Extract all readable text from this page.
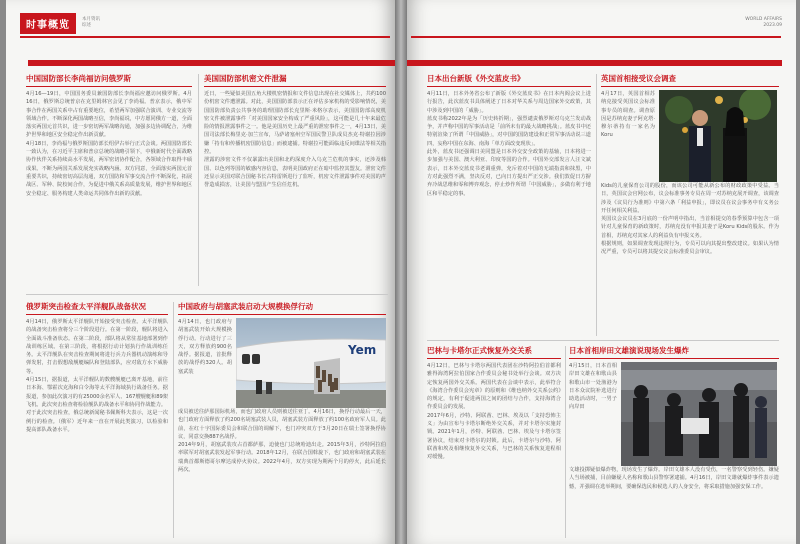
时事概览	本月资讯
综述
中国国防部长李尚福访问俄罗斯
4月16—19日，中国国务委员兼国防部长李尚福应邀访问俄罗斯。4月16日，俄罗斯总统普京在克里姆林宫会见了李尚福。普京表示，俄中军事合作在两国关系中占有重要地位，希望两军加强联合演训、专业交流等领域合作。不断深化两国战略互信，李尚福说，中方愿同俄方一道，全面落实两国元首共识，进一步密切两军战略沟通，加强多边协调配合，为维护世界和地区安全稳定作出新贡献。
4月18日，李尚福与俄罗斯国防部长绍伊古举行正式会谈。两国国防部长一致认为，在习近平主席和普京总统的战略引领下，中俄新时代全面战略协作伙伴关系持续高水平发展，两军密切协作配合，各领域合作取得丰硕成果。不断为两国关系发展充实战略内涵。双方同意，全面落实两国元首重要共识，持续密切高层沟通，双方国防和军事交流合作不断深化，拓展战区、军种、院校间合作，为促进中俄关系高质量发展，维护世界和地区安全稳定、服务构建人类命运共同体作出新的贡献。
美国国防部机密文件泄漏
近日，一些疑似美国五角大楼机密情报和文件信息出现在社交媒体上，共约100份机密文件遭泄露。对此，美国国防部表示正在评估多家机构的受影响情况，美国国防部负责公共事务的助理国防部长克里斯·米格尔表示，美国国防部高度机密文件被泄露事件「对美国国家安全构成了严重风险」，这可能是几十年来最危险的情报泄露事件之一。他是美国历史上最严重的泄密事件之一，4月13日，美国司法部长梅里克·加兰宣布，马萨诸塞州空军国民警卫队成员杰克·特谢拉因涉嫌「持有和传播机密国防信息」而被逮捕。特谢拉可能面临违反间谍法等相关指控。
泄露的涉密文件不仅暴露出美国和北约深度介入乌克兰危机的事实，还涉及韩国、以色列等国的敏感内容信息，表明美国政府正在暗中监控其盟友。泄密文件还显示美国对联合国秘书长古特雷斯进行了监听，机密文件泄露事件对美国的声誉造成损害，让美国与盟国产生信任危机。
俄罗斯突击检查太平洋舰队战备状况
4月14日，俄罗斯太平洋舰队开始接受突击检查。太平洋舰队的战备突击检查将分三个阶段进行。在第一阶段，舰队将进入全面战斗准备状态。在第二阶段，部队将从常驻基地部署到作战训练区域。在第三阶段，将根据行动计划执行作战训练任务。太平洋舰队在突击检查期间将进行兵力兵器机动演练和导弹发射，打击假想敌舰艇编队和登陆部队，应对敌方水下威胁等。
4月15日，据报道，太平洋舰队的数艘舰艇已离开基地，前往日本海、鄂霍次克海和白令海等太平洋海域执行战备任务。据报道，参加此次演习的有25000余名军人、167艘舰艇和89架飞机。此次突击检查将检验舰队的战备水平和协同作战能力。
对于此次突击检查，俄总统新闻秘书佩斯科夫表示，这是一次例行的检查。（俄军）近年来一直在开展此类演习，以检验和提高部队战备水平。
中国政府与胡塞武装启动大规模换俘行动
4月14日，也门政府与胡塞武装开始大规模换俘行动。行动进行了三天，双方释放约900名战俘。据报道，首批释放的战俘约320人。胡塞武装
Yem
成员被送往萨那国际机场，而也门政府人员则被送往亚丁。4月16日，换俘行动最后一天，也门政府方面释放了约200名胡塞武装人员，胡塞武装方面释放了约100名政府军人员。此前，在红十字国际委员会和联合国的调解下，也门冲突双方于3月20日在瑞士签署换俘协议，同意交换887名战俘。
2014年9月，胡塞武装攻占首都萨那，迫使也门总统哈迪出走。2015年3月，沙特阿拉伯率联军对胡塞武装发起军事行动。2018年12月，在联合国斡旋下，也门政府和胡塞武装在瑞典首都斯德哥尔摩达成停火协议。2022年4月，双方实现为期两个月的停火，此后延长两次。
WORLD AFFAIRS
2023.09
日本出台新版《外交蓝皮书》
4月11日，日本外务省公布了新版《外交蓝皮书》在日本内阁会议上进行报告，此次蓝皮书具体阐述了日本对华关系与周边国家外交政策，其中涉及到中国的「威胁」。
蓝皮书称2022年是为「历史转折期」，强烈谴责俄罗斯对乌克兰发动战争，并声称中国的军事活动是「前所未有的最大战略挑战」。蓝皮书中还特别渲染了所谓「中国威胁」，对中国的国防建设和正常军事活动说三道四，妄称中国在东海、南海「单方面改变现状」。
此外，蓝皮书还强调日美同盟是日本外交安全政策的基轴，日本将进一步加强与美国、澳大利亚、印度等国的合作。中国外交部发言人汪文斌表示，日本外交蓝皮书老调重弹，充斥着对中国的无端指责和抹黑，中方对此强烈不满，坚决反对，已向日方提出严正交涉。我们敦促日方摒弃冷战思维和零和博弈观念，停止炒作所谓「中国威胁」，多做有利于地区和平稳定的事。
英国首相接受议会调查
4月17日，英国首相苏纳克接受英国议会标准事专员的调查。调查原因是苏纳克妻子阿克塔·穆尔蒂持有一家名为Koru
Kids的儿童保育公司的股份，而该公司可能从新公布的财政政策中受益。当日，英国议会官网公布，议会标准事务专员在周一对苏纳克展开调查，该调查涉及《议员行为准则》中第六条「利益申报」，即议员在议会事务中有义务公开任何相关利益。
英国议会议员在3月底的一份声明中指出，当首相提交的春季预算中包含一项针对儿童保育的新政策时，苏纳克没有申报其妻子是Koru Kids的股东。作为首相，苏纳克对其家人的利益负有申报义务。
根据规则，如果调查发现违规行为，专员可以向其提出整改建议。如果认为情况严重，专员可以将其提交议会标准委员会审议。
巴林与卡塔尔正式恢复外交关系
4月12日，巴林与卡塔尔两国代表团在沙特阿拉伯首都利雅得海湾阿拉伯国家合作委员会秘书处举行会谈。双方决定恢复两国外交关系。两国代表在会谈中表示，此举符合《海湾合作委员会宪章》的原则和《维也纳外交关系公约》的规定，有利于促进两国之间的团结与合作，支持海湾合作委员会的发展。
2017年6月，沙特、阿联酋、巴林、埃及以「支持恐怖主义」为由宣布与卡塔尔断绝外交关系，并对卡塔尔实施封锁。2021年1月，沙特、阿联酋、巴林、埃及与卡塔尔签署协议，结束对卡塔尔的封锁。此后，卡塔尔与沙特、阿联酋和埃及相继恢复外交关系，与巴林的关系恢复进程相对缓慢。
日本首相岸田文雄演说现场发生爆炸
4月15日，日本首相岸田文雄在和歌山县和歌山市一处渔港为日本众议院补选进行助选活动时，一男子向岸田
文雄投掷疑似爆炸物，现场发生了爆炸。岸田文雄本人没有受伤，一名警察受到轻伤。嫌疑人当场被捕，目前嫌疑人名称和歌山县警察署逮捕。4月16日，岸田文雄就爆炸事件表示遗憾，并强调在选举期间，要确保选民和候选人的人身安全，将采取措施加强安保工作。
